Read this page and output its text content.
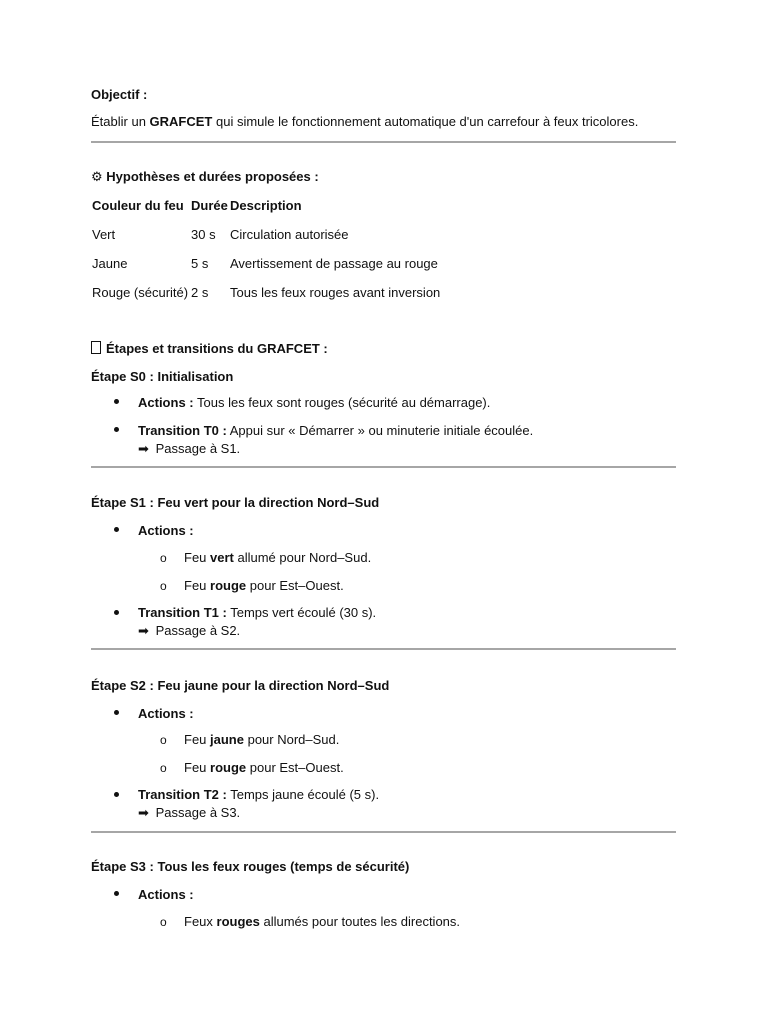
Objectif :
Établir un GRAFCET qui simule le fonctionnement automatique d'un carrefour à feux tricolores.
⚙ Hypothèses et durées proposées :
Couleur du feu Durée Description
Vert	30 s Circulation autorisée
Jaune	5 s Avertissement de passage au rouge
Rouge (sécurité) 2 s Tous les feux rouges avant inversion
Étapes et transitions du GRAFCET :
Étape S0 : Initialisation
Actions : Tous les feux sont rouges (sécurité au démarrage).
Transition T0 : Appui sur « Démarrer » ou minuterie initiale écoulée.
➡ Passage à S1.
Étape S1 : Feu vert pour la direction Nord–Sud
Actions :
o Feu vert allumé pour Nord–Sud.
o Feu rouge pour Est–Ouest.
Transition T1 : Temps vert écoulé (30 s).
➡ Passage à S2.
Étape S2 : Feu jaune pour la direction Nord–Sud
Actions :
o Feu jaune pour Nord–Sud.
o Feu rouge pour Est–Ouest.
Transition T2 : Temps jaune écoulé (5 s).
➡ Passage à S3.
Étape S3 : Tous les feux rouges (temps de sécurité)
Actions :
o Feux rouges allumés pour toutes les directions.
